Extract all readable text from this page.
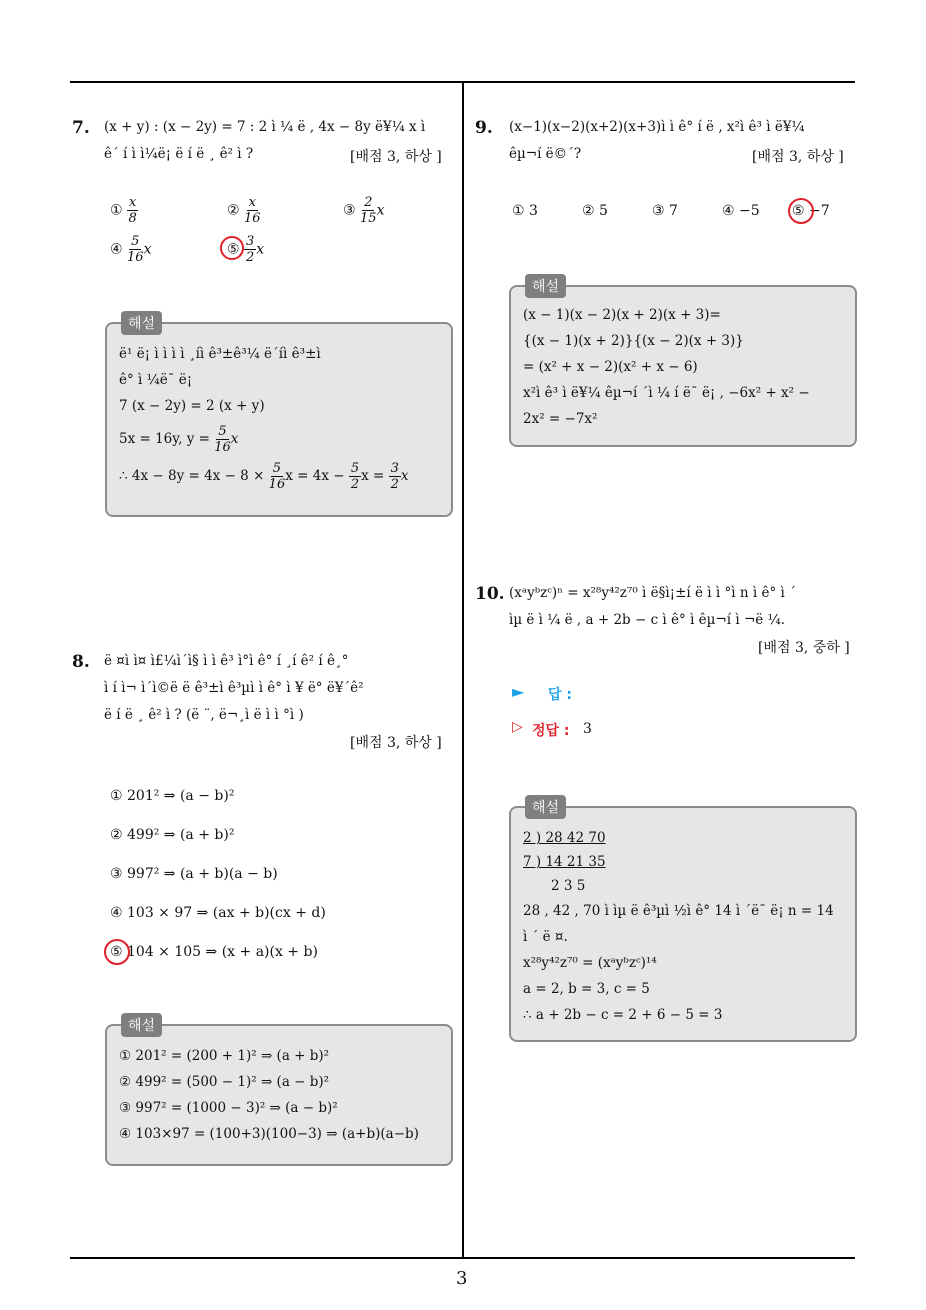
7. (x + y) : (x − 2y) = 7 : 2 ì ¼ ë , 4x − 8y ë¥¼ x ì
ê´ í ì ì¼ë¡ ë í ë ¸ ê² ì ?	[배점 3, 하상 ]
① $\frac{x}{8}$	② $\frac{x}{16}$	③ $\frac{2}{15}$ x
④ $\frac{5}{16}$ x	⑤ $\frac{3}{2}$ x
해설
ë¹ ë¡ ì ì ì ì ¸íì ê³±ê³¼ ë´íì ê³±ì
ê° ì ¼ë¯ ë¡
7 (x − 2y) = 2 (x + y)
5x = 16y, $y = \frac{5}{16}$ x
∴ $4x - 8y = 4x - 8 \times \frac{5}{16}$ $x = 4x - \frac{5}{2}$ $x = \frac{3}{2}$ x
8. ë ¤ì ì¤ ì£¼ì´ì§ ì ì ê³ ì°ì ê° í ¸í ê² í ê¸°
ì í ì¬ ì´ì©ë ë ê³±ì ê³µì ì ê° ì ¥ ë° ë¥´ê²
ë í ë ¸ ê² ì ? (ë ¨, ë¬¸ì ë ì ì °ì )
[배점 3, 하상 ]
① 201² ⇒ (a − b)²
② 499² ⇒ (a + b)²
③ 997² ⇒ (a + b)(a − b)
④ 103 × 97 ⇒ (ax + b)(cx + d)
⑤ 104 × 105 ⇒ (x + a)(x + b)
해설
① 201² = (200 + 1)² ⇒ (a + b)²
② 499² = (500 − 1)² ⇒ (a − b)²
③ 997² = (1000 − 3)² ⇒ (a − b)²
④ 103×97 = (100+3)(100−3) ⇒ (a+b)(a−b)
9. (x−1)(x−2)(x+2)(x+3)ì ì ê° í ë , x²ì ê³ ì ë¥¼
êµ¬í ë©´?	[배점 3, 하상 ]
① 3	② 5	③ 7	④ −5 ⑤ −7
해설
(x − 1)(x − 2)(x + 2)(x + 3)=
{(x − 1)(x + 2)}{(x − 2)(x + 3)}
= (x² + x − 2)(x² + x − 6)
x²ì ê³ ì ë¥¼ êµ¬í ´ì ¼ í ë¯ ë¡ , −6x² + x² −
2x² = −7x²
10. (xᵃyᵇzᶜ)ⁿ = x²⁸y⁴²z⁷⁰ ì ë§ì¡±í ë ì ì °ì n ì ê° ì ´
ìµ ë ì ¼ ë , a + 2b − c ì ê° ì êµ¬í ì ¬ë ¼.
[배점 3, 중하 ]
► 답 :
▷ 정답 : 3
해설
2 ) 28 42 70
7 ) 14 21 35
2 3 5
28 , 42 , 70 ì ìµ ë ê³µì ½ì ê° 14 ì ´ë¯ ë¡ n = 14
ì ´ ë ¤.
x²⁸y⁴²z⁷⁰ = (xᵃyᵇzᶜ)¹⁴
a = 2, b = 3, c = 5
∴ a + 2b − c = 2 + 6 − 5 = 3
3
